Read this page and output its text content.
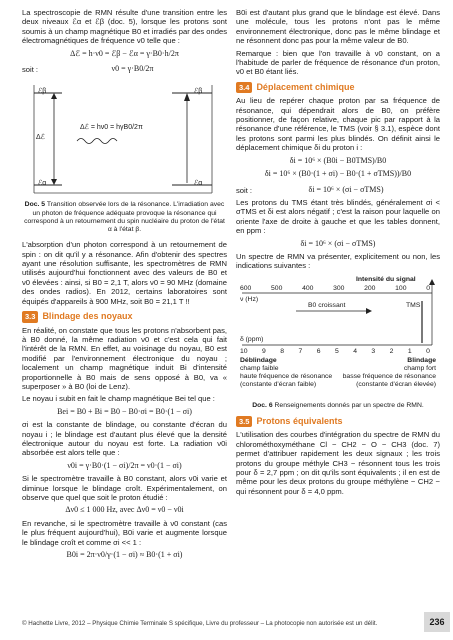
La spectroscopie de RMN résulte d'une transition entre les deux niveaux ℰα et ℰβ (doc. 5), lorsque les protons sont soumis à un champ magnétique B0 et irradiés par des ondes électromagnétiques de fréquence ν0 telle que :

Δℰ = h·ν0 = ℰβ − ℰα = γ·B0·h/2π
soit :	ν0 = γ·B0/2π
ℰβ
ℰα
Δℰ
Δℰ = hν0 = hγB0/2π
ℰβ
ℰα
Doc. 5 Transition observée lors de la résonance. L'irradiation avec un photon de fréquence adéquate provoque la résonance qui correspond à un retournement du spin nucléaire du proton de l'état α à l'état β.

L'absorption d'un photon correspond à un retournement de spin : on dit qu'il y a résonance. Afin d'obtenir des spectres ayant une résolution suffisante, les spectromètres de RMN utilisés aujourd'hui fonctionnent avec des valeurs de B0 et ν0 élevées : ainsi, si B0 = 2,1 T, alors ν0 = 90 MHz (domaine des ondes radios). En 2012, certains laboratoires sont équipés d'appareils à 900 MHz, soit B0 = 21,1 T !!

3.3 Blindage des noyaux

En réalité, on constate que tous les protons n'absorbent pas, à B0 donné, la même radiation ν0 et c'est cela qui fait l'intérêt de la RMN. En effet, au voisinage du noyau, B0 est modifié par l'environnement électronique du noyau ; localement un champ magnétique induit Bi d'intensité proportionnelle à B0 mais de sens opposé à B0, va « superposer » à B0 (loi de Lenz).

Le noyau i subit en fait le champ magnétique Bei tel que :

Bei = B0 + Bi = B0 − B0·σi = B0·(1 − σi)

σi est la constante de blindage, ou constante d'écran du noyau i ; le blindage est d'autant plus élevé que la densité électronique autour du noyau est forte. La radiation ν0i absorbée est alors telle que :

ν0i = γ·B0·(1 − σi)/2π = ν0·(1 − σi)

Si le spectromètre travaille à B0 constant, alors ν0i varie et diminue lorsque le blindage croît. Expérimentalement, on observe que quel que soit le proton étudié :

Δν0 ≤ 1 000 Hz, avec Δν0 = ν0 − ν0i

En revanche, si le spectromètre travaille à ν0 constant (cas le plus fréquent aujourd'hui), B0i varie et augmente lorsque le blindage croît et comme σi << 1 :

B0i = 2π·ν0/γ·(1 − σi) ≈ B0·(1 + σi)

B0i est d'autant plus grand que le blindage est élevé. Dans une molécule, tous les protons n'ont pas le même environnement électronique, donc pas le même blindage et ne résonnent donc pas pour la même valeur de B0.

Remarque : bien que l'on travaille à ν0 constant, on a l'habitude de parler de fréquence de résonance d'un proton, ν0 et B0 étant liés.

3.4 Déplacement chimique

Au lieu de repérer chaque proton par sa fréquence de résonance, qui dépendrait alors de B0, on préfère positionner, de façon relative, chaque pic par rapport à la résonance d'une référence, le TMS (voir § 3.1), espèce dont les protons sont parmi les plus blindés. On définit ainsi le déplacement chimique δi du proton i :

δi = 10⁶ × (B0i − B0TMS)/B0
δi = 10⁶ × (B0·(1 + σi) − B0·(1 + σTMS))/B0
soit :	δi = 10⁶ × (σi − σTMS)

Les protons du TMS étant très blindés, généralement σi < σTMS et δi est alors négatif ; c'est la raison pour laquelle on oriente l'axe de droite à gauche et que les tables donnent, en ppm :

δi = 10⁶ × (σi − σTMS)

Un spectre de RMN va présenter, explicitement ou non, les indications suivantes :

Intensité du signal
600	500	400	300	200	100	0
ν (Hz)
B0 croissant	TMS
δ (ppm)
10 9 8 7 6 5 4 3 2 1 0
Déblindage
champ faible
haute fréquence de résonance
(constante d'écran faible)
Blindage
champ fort
basse fréquence de résonance
(constante d'écran élevée)
Doc. 6 Renseignements donnés par un spectre de RMN.
3.5 Protons équivalents

L'utilisation des courbes d'intégration du spectre de RMN du chlorométhoxyméthane Cl − CH2 − O − CH3 (doc. 7) permet d'attribuer rapidement les deux signaux ; les trois protons du groupe méthyle CH3 − résonnent tous les trois pour δ = 2,7 ppm ; on dit qu'ils sont équivalents ; il en est de même pour les deux protons du groupe méthylène − CH2 − qui résonnent pour δ = 4,0 ppm.

© Hachette Livre, 2012 – Physique Chimie Terminale S spécifique, Livre du professeur – La photocopie non autorisée est un délit.	236
